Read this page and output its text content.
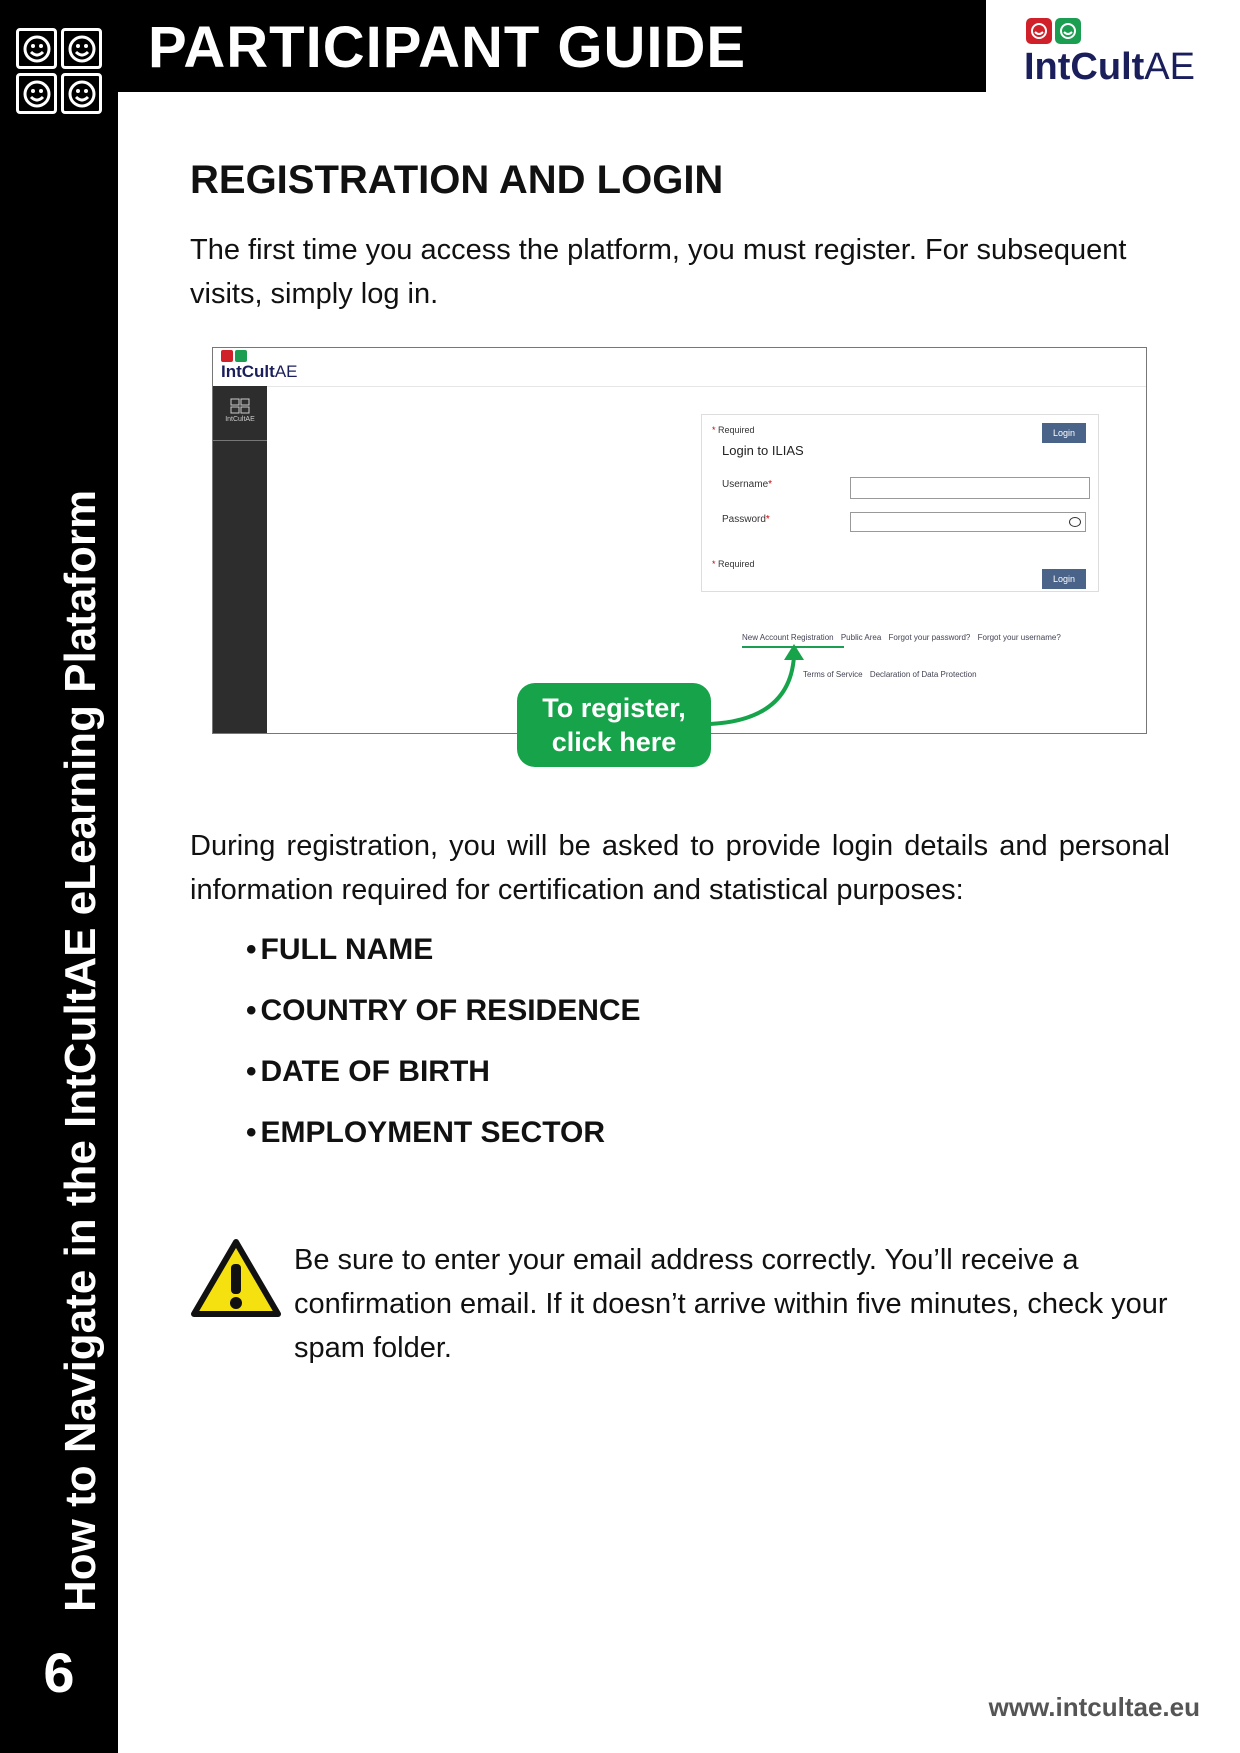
How to Navigate in the IntCultAE eLearning Plataform
6
PARTICIPANT GUIDE	IntCultAE
REGISTRATION AND LOGIN
The first time you access the platform, you must register. For subsequent visits, simply log in.
IntCultAE
IntCultAE
* Required	Login
Login to ILIAS
Username*
Password*
* Required
Login
New Account Registration Public Area Forgot your password? Forgot your username?
Terms of Service Declaration of Data Protection
To register,
click here
During registration, you will be asked to provide login details and personal information required for certification and statistical purposes:
• FULL NAME
• COUNTRY OF RESIDENCE
• DATE OF BIRTH
• EMPLOYMENT SECTOR
Be sure to enter your email address correctly. You’ll receive a confirmation email. If it doesn’t arrive within five minutes, check your spam folder.
www.intcultae.eu
